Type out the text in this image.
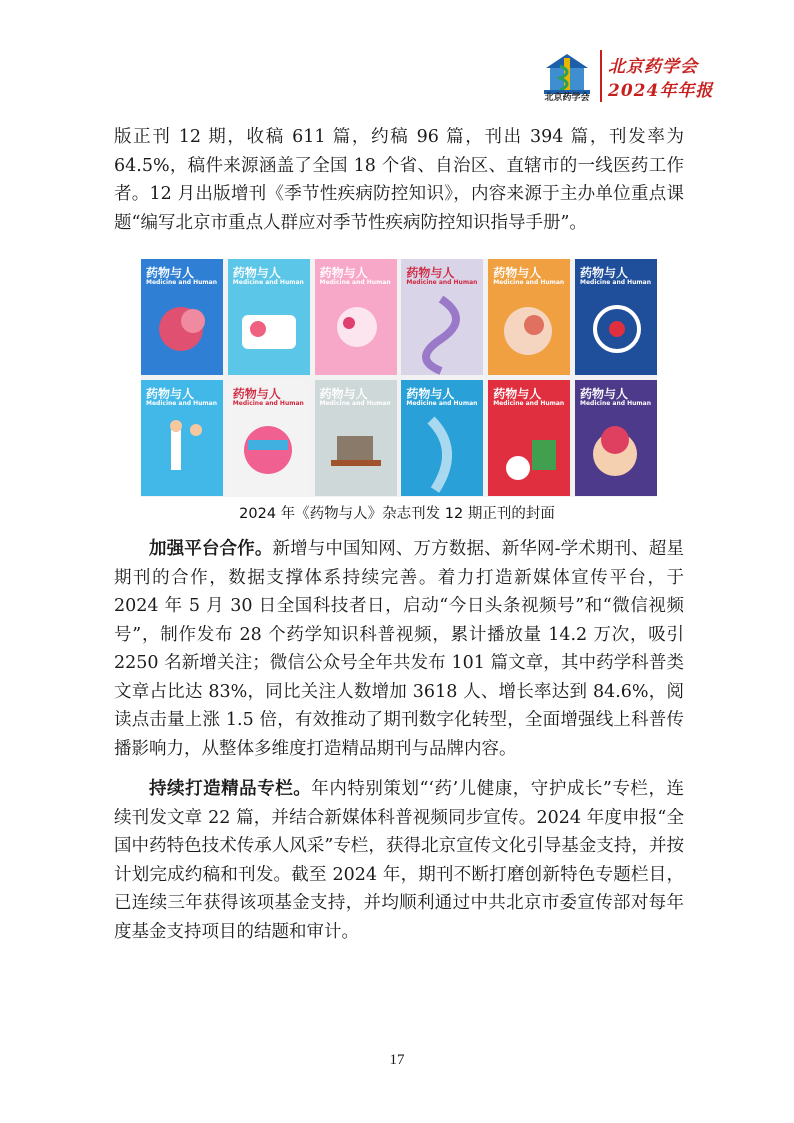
北京药学会
北京药学会
2024年年报
版正刊 12 期，收稿 611 篇，约稿 96 篇，刊出 394 篇，刊发率为 64.5%，稿件来源涵盖了全国 18 个省、自治区、直辖市的一线医药工作者。12 月出版增刊《季节性疾病防控知识》，内容来源于主办单位重点课题“编写北京市重点人群应对季节性疾病防控知识指导手册”。
药物与人
Medicine and Human
药物与人
Medicine and Human
药物与人
Medicine and Human
药物与人
Medicine and Human
药物与人
Medicine and Human
药物与人
Medicine and Human
药物与人
Medicine and Human
药物与人
Medicine and Human
药物与人
Medicine and Human
药物与人
Medicine and Human
药物与人
Medicine and Human
药物与人
Medicine and Human
2024 年《药物与人》杂志刊发 12 期正刊的封面
加强平台合作。新增与中国知网、万方数据、新华网-学术期刊、超星期刊的合作，数据支撑体系持续完善。着力打造新媒体宣传平台，于 2024 年 5 月 30 日全国科技者日，启动“今日头条视频号”和“微信视频号”，制作发布 28 个药学知识科普视频，累计播放量 14.2 万次，吸引 2250 名新增关注；微信公众号全年共发布 101 篇文章，其中药学科普类文章占比达 83%，同比关注人数增加 3618 人、增长率达到 84.6%，阅读点击量上涨 1.5 倍，有效推动了期刊数字化转型，全面增强线上科普传播影响力，从整体多维度打造精品期刊与品牌内容。
持续打造精品专栏。年内特别策划“‘药’儿健康，守护成长”专栏，连续刊发文章 22 篇，并结合新媒体科普视频同步宣传。2024 年度申报“全国中药特色技术传承人风采”专栏，获得北京宣传文化引导基金支持，并按计划完成约稿和刊发。截至 2024 年，期刊不断打磨创新特色专题栏目，已连续三年获得该项基金支持，并均顺利通过中共北京市委宣传部对每年度基金支持项目的结题和审计。
17
